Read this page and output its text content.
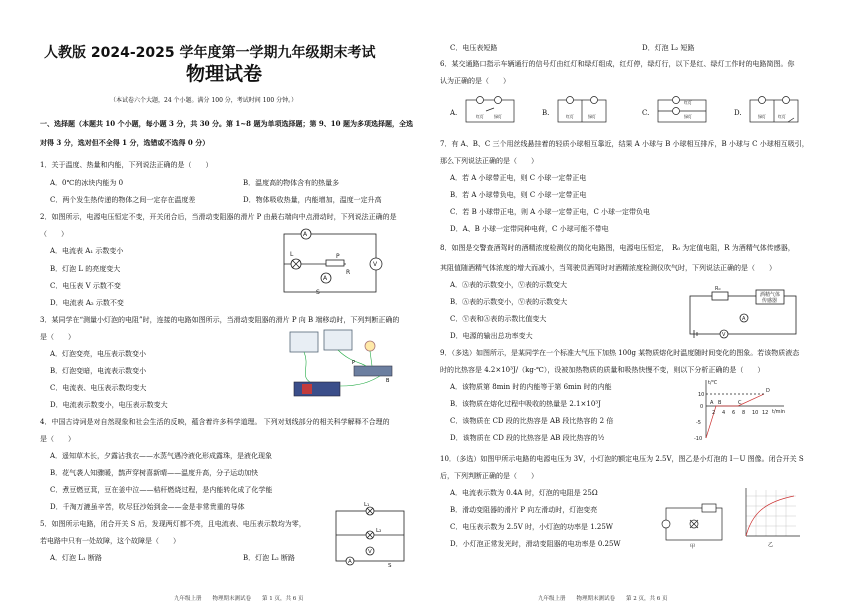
人教版 2024-2025 学年度第一学期九年级期末考试
物理试卷
（本试卷六个大题，24 个小题。满分 100 分，考试时间 100 分钟。）
一、选择题（本题共 10 个小题，每小题 3 分，共 30 分。第 1~8 题为单项选择题；第 9、10 题为多项选择题，全选
对得 3 分，选对但不全得 1 分，选错或不选得 0 分）
1．关于温度、热量和内能，下列说法正确的是（　　）
A．0℃的冰块内能为 0	B．温度高的物体含有的热量多
C．两个发生热传递的物体之间一定存在温度差	D．物体吸收热量，内能增加，温度一定升高
2．如图所示，电源电压恒定不变，开关闭合后，当滑动变阻器的滑片 P 由最右端向中点滑动时，下列说法正确的是
（　　）
A．电流表 A₁ 示数变小
B．灯泡 L 的亮度变大
C．电压表 V 示数不变
D．电流表 A₂ 示数不变
A
A
V
L
R
P
S
3．某同学在“测量小灯泡的电阻”时，连接的电路如图所示，当滑动变阻器的滑片 P 向 B 端移动时，下列判断正确的
是（　　）
A．灯泡变亮，电压表示数变小
B．灯泡变暗，电流表示数变小
C．电流表、电压表示数均变大
D．电流表示数变小，电压表示数变大
B
P
4．中国古诗词是对自然现象和社会生活的反映，蕴含着许多科学道理。 下列对划线部分的相关科学解释不合理的
是（　　）
A．遥知草木长，夕露沾我衣——水蒸气遇冷液化形成露珠，是液化现象
B．花气袭人知骤暖，鹊声穿树喜新晴——温度升高，分子运动加快
C．煮豆燃豆萁，豆在釜中泣——秸秆燃烧过程，是内能转化成了化学能
D．千淘万漉虽辛苦，吹尽狂沙始到金——金是非常贵重的导体
5．如图所示电路，闭合开关 S 后，发现两灯都不亮，且电流表、电压表示数均为零，
若电路中只有一处故障，这个故障是（　　）
A．灯泡 L₁ 断路	B．灯泡 L₂ 断路
L₁
L₂
V
A
S
九年级上册　　物理期末测试卷　　第 1 页，共 6 页
C．电压表短路	D．灯泡 L₂ 短路
6．某交通路口指示车辆通行的信号灯由红灯和绿灯组成，红灯停，绿灯行，以下是红、绿灯工作时的电路简图。你
认为正确的是（　　）
A.	红灯	绿灯	B.	红灯	绿灯	C.
红灯
绿灯	D.	绿灯	红灯
7．有 A、B、C 三个用丝线悬挂着的轻质小球相互靠近，结果 A 小球与 B 小球相互排斥，B 小球与 C 小球相互吸引，
那么下列说法正确的是（　　）
A．若 A 小球带正电，则 C 小球一定带正电
B．若 A 小球带负电，则 C 小球一定带正电
C．若 B 小球带正电，则 A 小球一定带正电，C 小球一定带负电
D．A、B 小球一定带同种电荷，C 小球可能不带电
8．如图是交警查酒驾时的酒精浓度检测仪的简化电路图，电源电压恒定，　R₀ 为定值电阻，R 为酒精气体传感器，
其阻值随酒精气体浓度的增大而减小，当驾驶员酒驾时对酒精浓度检测仪吹气时，下列说法正确的是（　　）
A．Ⓐ表的示数变小，Ⓥ表的示数变大
B．Ⓐ表的示数变小，Ⓥ表的示数变大
C．Ⓥ表和Ⓐ表的示数比值变大
D．电源的输出总功率变大
R₀
酒精气体
传感器
V
A
9．（多选）如图所示，是某同学在一个标准大气压下加热 100g 某物质熔化时温度随时间变化的图象。若该物质液态
时的比热容是 4.2×10³J/（kg·℃），设被加热物质的质量和吸热快慢不变，则以下分析正确的是（　　）
A．该物质第 8min 时的内能等于第 6min 时的内能
B．该物质在熔化过程中吸收的热量是 2.1×10³J
C．该物质在 CD 段的比热容是 AB 段比热容的 2 倍
D．该物质在 CD 段的比热容是 AB 段比热容的½
t/℃
t/min
10
0
-5
-10
2 4 6 8 10 12
A B	C
D
10．（多选）如图甲所示电路的电源电压为 3V，小灯泡的额定电压为 2.5V，图乙是小灯泡的 I－U 图像。闭合开关 S
后，下列判断正确的是（　　）
A．电流表示数为 0.4A 时，灯泡的电阻是 25Ω
B．滑动变阻器的滑片 P 向左滑动时，灯泡变亮
C．电压表示数为 2.5V 时，小灯泡的功率是 1.25W
D．小灯泡正常发光时，滑动变阻器的电功率是 0.25W	甲	乙
九年级上册　　物理期末测试卷　　第 2 页，共 6 页
